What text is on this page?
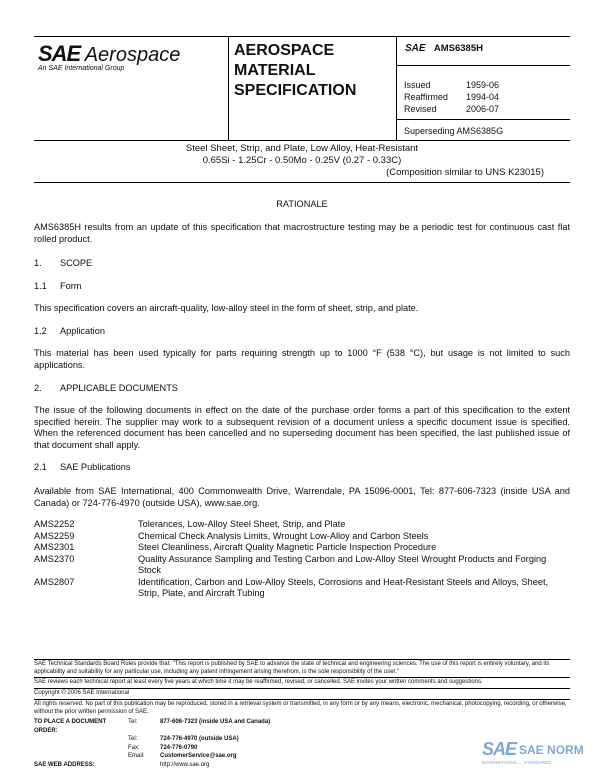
SAE Aerospace
An SAE International Group
AEROSPACE
MATERIAL
SPECIFICATION
SAE AMS6385H
Issued	1959-06
Reaffirmed	1994-04
Revised	2006-07
Superseding AMS6385G
Steel Sheet, Strip, and Plate, Low Alloy, Heat-Resistant
0.65Si - 1.25Cr - 0.50Mo - 0.25V (0.27 - 0.33C)
(Composition similar to UNS K23015)
RATIONALE
AMS6385H results from an update of this specification that macrostructure testing may be a periodic test for continuous cast flat rolled product.
1. SCOPE
1.1 Form
This specification covers an aircraft-quality, low-alloy steel in the form of sheet, strip, and plate.
1.2 Application
This material has been used typically for parts requiring strength up to 1000 °F (538 °C), but usage is not limited to such applications.
2. APPLICABLE DOCUMENTS
The issue of the following documents in effect on the date of the purchase order forms a part of this specification to the extent specified herein. The supplier may work to a subsequent revision of a document unless a specific document issue is specified. When the referenced document has been cancelled and no superseding document has been specified, the last published issue of that document shall apply.
2.1 SAE Publications
Available from SAE International, 400 Commonwealth Drive, Warrendale, PA 15096-0001, Tel: 877-606-7323 (inside USA and Canada) or 724-776-4970 (outside USA), www.sae.org.
AMS2252	Tolerances, Low-Alloy Steel Sheet, Strip, and Plate
AMS2259	Chemical Check Analysis Limits, Wrought Low-Alloy and Carbon Steels
AMS2301	Steel Cleanliness, Aircraft Quality Magnetic Particle Inspection Procedure
AMS2370	Quality Assurance Sampling and Testing Carbon and Low-Alloy Steel Wrought Products and Forging Stock
AMS2807	Identification, Carbon and Low-Alloy Steels, Corrosions and Heat-Resistant Steels and Alloys, Sheet, Strip, Plate, and Aircraft Tubing
SAE Technical Standards Board Rules provide that: "This report is published by SAE to advance the state of technical and engineering sciences. The use of this report is entirely voluntary, and its applicability and suitability for any particular use, including any patent infringement arising therefrom, is the sole responsibility of the user."
SAE reviews each technical report at least every five years at which time it may be reaffirmed, revised, or cancelled. SAE invites your written comments and suggestions.
Copyright © 2006 SAE International
All rights reserved. No part of this publication may be reproduced, stored in a retrieval system or transmitted, in any form or by any means, electronic, mechanical, photocopying, recording, or otherwise, without the prior written permission of SAE.
TO PLACE A DOCUMENT ORDER:
Tel:	877-606-7323 (inside USA and Canada)
Tel:	724-776-4970 (outside USA)
Fax:	724-776-0790
Email:	CustomerService@sae.org
SAE WEB ADDRESS:	http://www.sae.org
SAE SAE NORM
INTERNATIONAL ... STANDARDS
